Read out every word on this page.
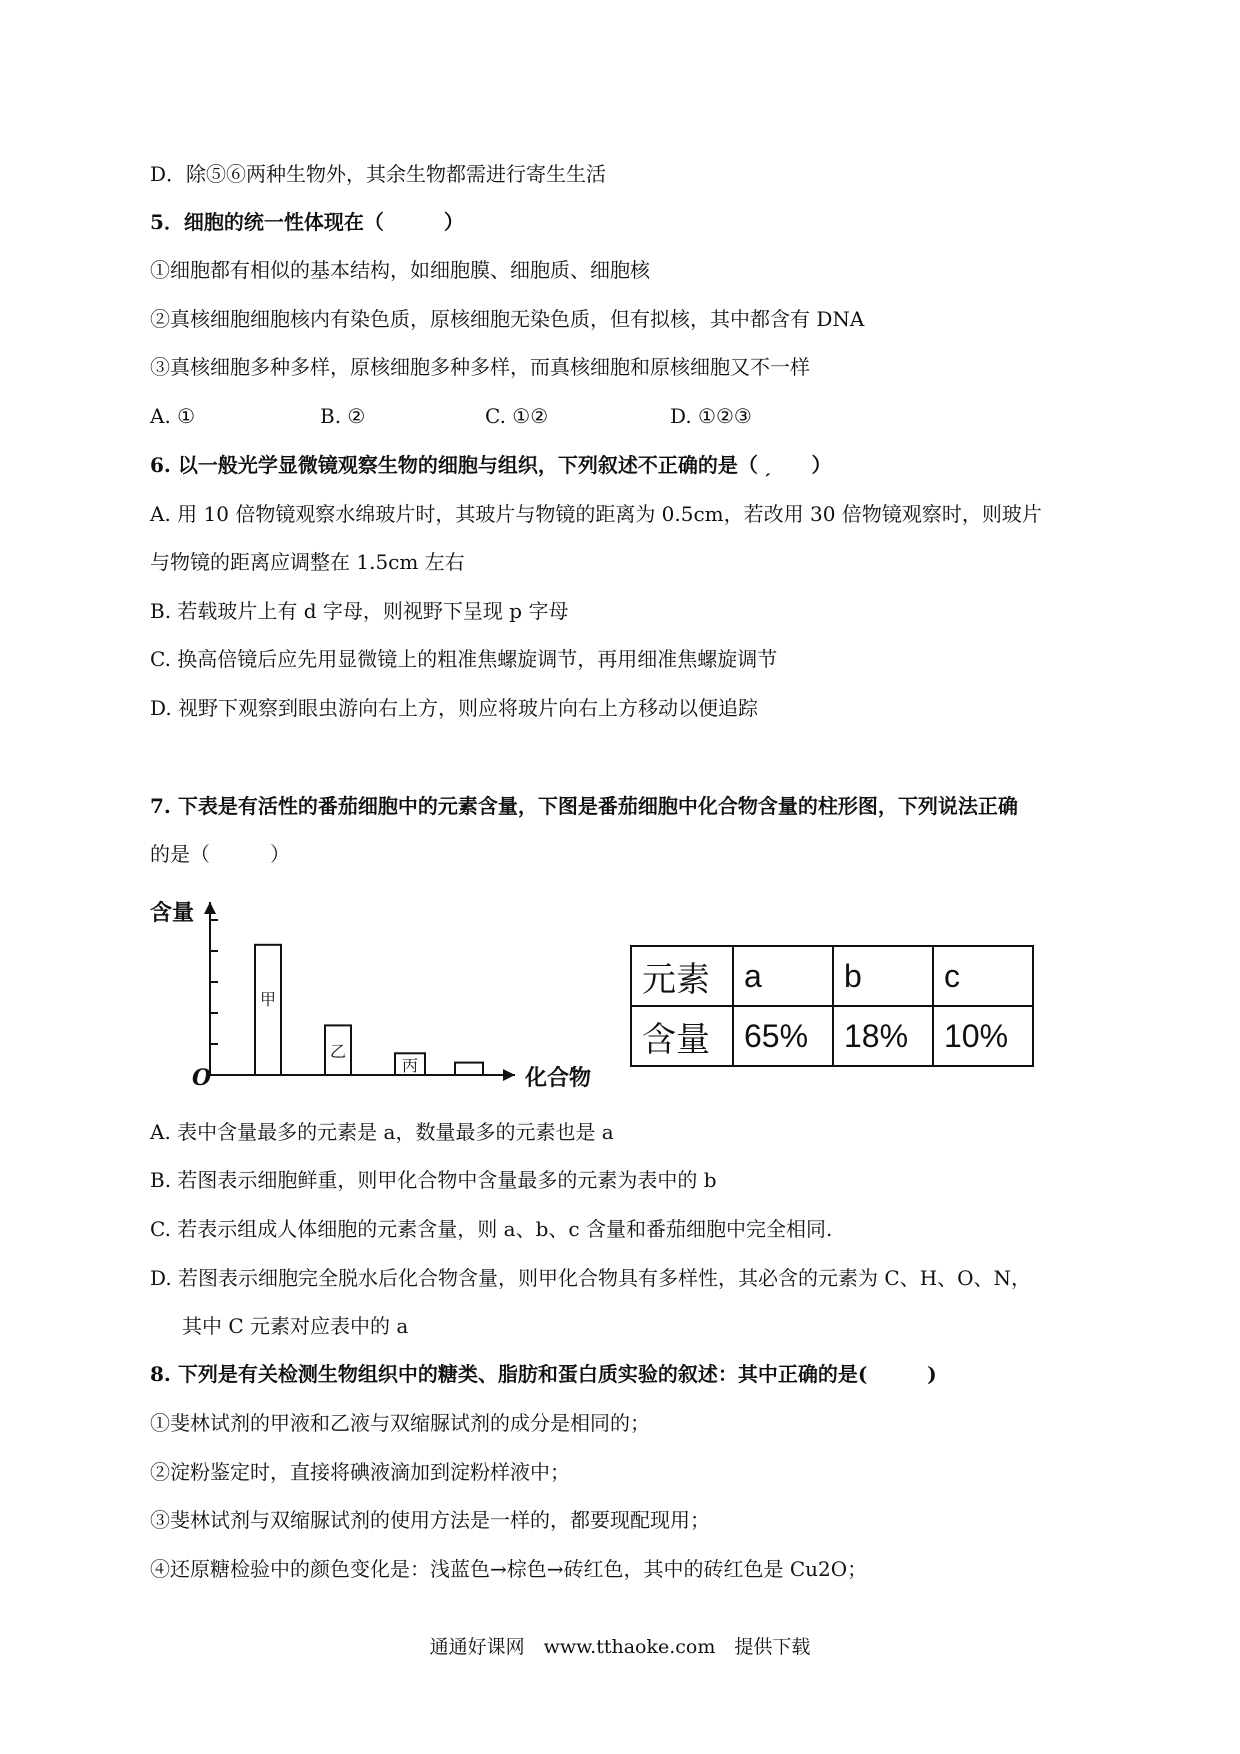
D．除⑤⑥两种生物外，其余生物都需进行寄生生活
5．细胞的统一性体现在（　　　）
①细胞都有相似的基本结构，如细胞膜、细胞质、细胞核
②真核细胞细胞核内有染色质，原核细胞无染色质，但有拟核，其中都含有 DNA
③真核细胞多种多样，原核细胞多种多样，而真核细胞和原核细胞又不一样
A. ①	B. ②	C. ①②	D. ①②③
6. 以一般光学显微镜观察生物的细胞与组织，下列叙述不正确的是（ ˏ　　）
A. 用 10 倍物镜观察水绵玻片时，其玻片与物镜的距离为 0.5cm，若改用 30 倍物镜观察时，则玻片
与物镜的距离应调整在 1.5cm 左右
B. 若载玻片上有 d 字母，则视野下呈现 p 字母
C. 换高倍镜后应先用显微镜上的粗准焦螺旋调节，再用细准焦螺旋调节
D. 视野下观察到眼虫游向右上方，则应将玻片向右上方移动以便追踪
7. 下表是有活性的番茄细胞中的元素含量，下图是番茄细胞中化合物含量的柱形图，下列说法正确
的是（　　　）
含量
化合物
O
甲
乙
丙
元素	a	b	c
含量	65%	18%	10%
A. 表中含量最多的元素是 a，数量最多的元素也是 a
B. 若图表示细胞鲜重，则甲化合物中含量最多的元素为表中的 b
C. 若表示组成人体细胞的元素含量，则 a、b、c 含量和番茄细胞中完全相同.
D. 若图表示细胞完全脱水后化合物含量，则甲化合物具有多样性，其必含的元素为 C、H、O、N，
其中 C 元素对应表中的 a
8. 下列是有关检测生物组织中的糖类、脂肪和蛋白质实验的叙述：其中正确的是(　　　)
①斐林试剂的甲液和乙液与双缩脲试剂的成分是相同的；
②淀粉鉴定时，直接将碘液滴加到淀粉样液中；
③斐林试剂与双缩脲试剂的使用方法是一样的，都要现配现用；
④还原糖检验中的颜色变化是：浅蓝色→棕色→砖红色，其中的砖红色是 Cu2O；
通通好课网　www.tthaoke.com　提供下载
